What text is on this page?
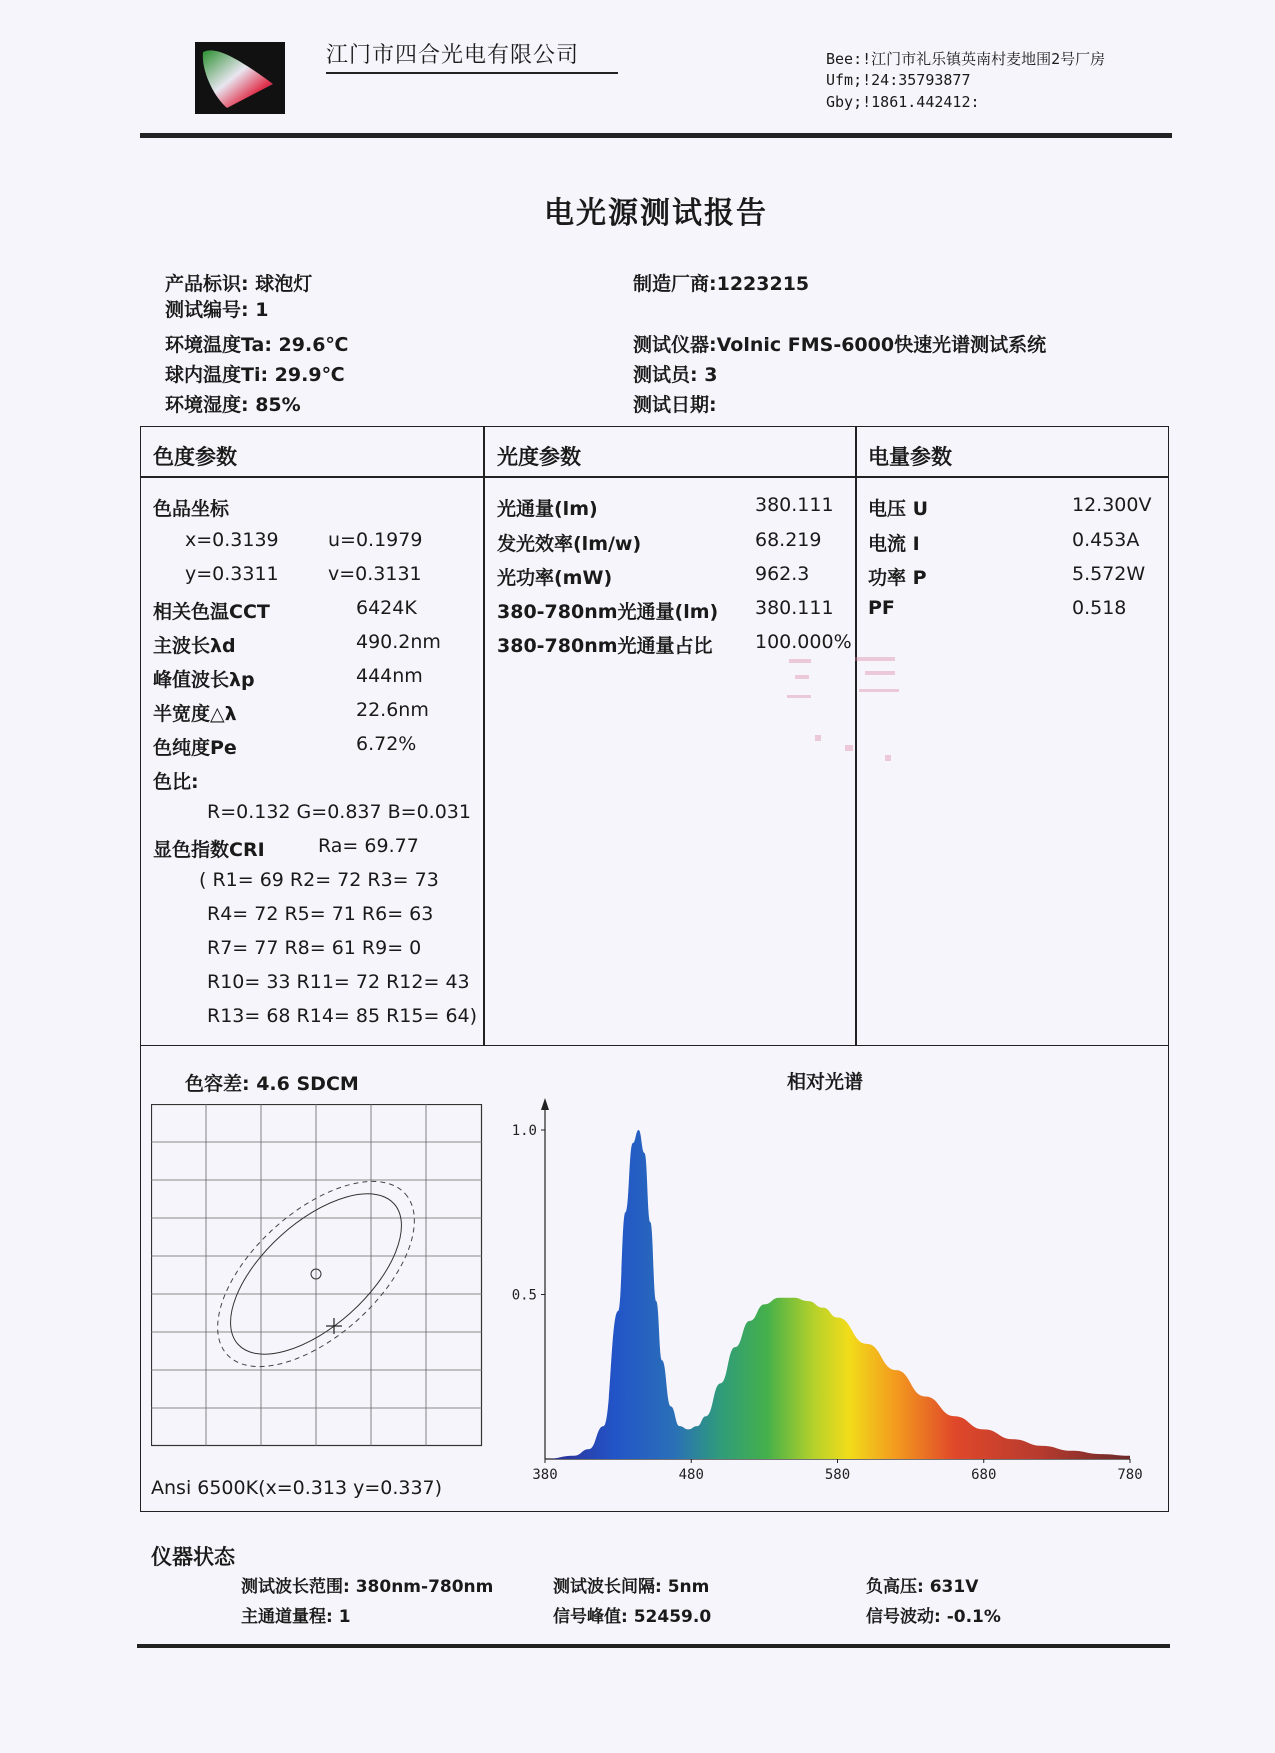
江门市四合光电有限公司	Bee:!江门市礼乐镇英南村麦地围2号厂房
Ufm;!24:35793877
Gby;!1861.442412:
电光源测试报告
产品标识: 球泡灯
测试编号: 1
环境温度Ta: 29.6℃
球内温度Ti: 29.9℃
环境湿度: 85%
制造厂商:1223215
测试仪器:Volnic FMS-6000快速光谱测试系统
测试员: 3
测试日期:
色度参数	光度参数	电量参数
色品坐标
x=0.3139	u=0.1979
y=0.3311	v=0.3131
相关色温CCT	6424K
主波长λd	490.2nm
峰值波长λp	444nm
半宽度△λ	22.6nm
色纯度Pe	6.72%
色比:
R=0.132 G=0.837 B=0.031
显色指数CRI	Ra= 69.77
( R1= 69 R2= 72 R3= 73
R4= 72 R5= 71 R6= 63
R7= 77 R8= 61 R9= 0
R10= 33 R11= 72 R12= 43
R13= 68 R14= 85 R15= 64)
光通量(lm)	380.111
发光效率(lm/w)	68.219
光功率(mW)	962.3
380-780nm光通量(lm) 380.111
380-780nm光通量占比 100.000%
电压 U	12.300V
电流 I	0.453A
功率 P	5.572W
PF	0.518
色容差: 4.6 SDCM
Ansi 6500K(x=0.313 y=0.337)
相对光谱
1.0
0.5
380	480	580	680	780
仪器状态
测试波长范围: 380nm-780nm	测试波长间隔: 5nm	负高压: 631V
主通道量程: 1	信号峰值: 52459.0	信号波动: -0.1%
